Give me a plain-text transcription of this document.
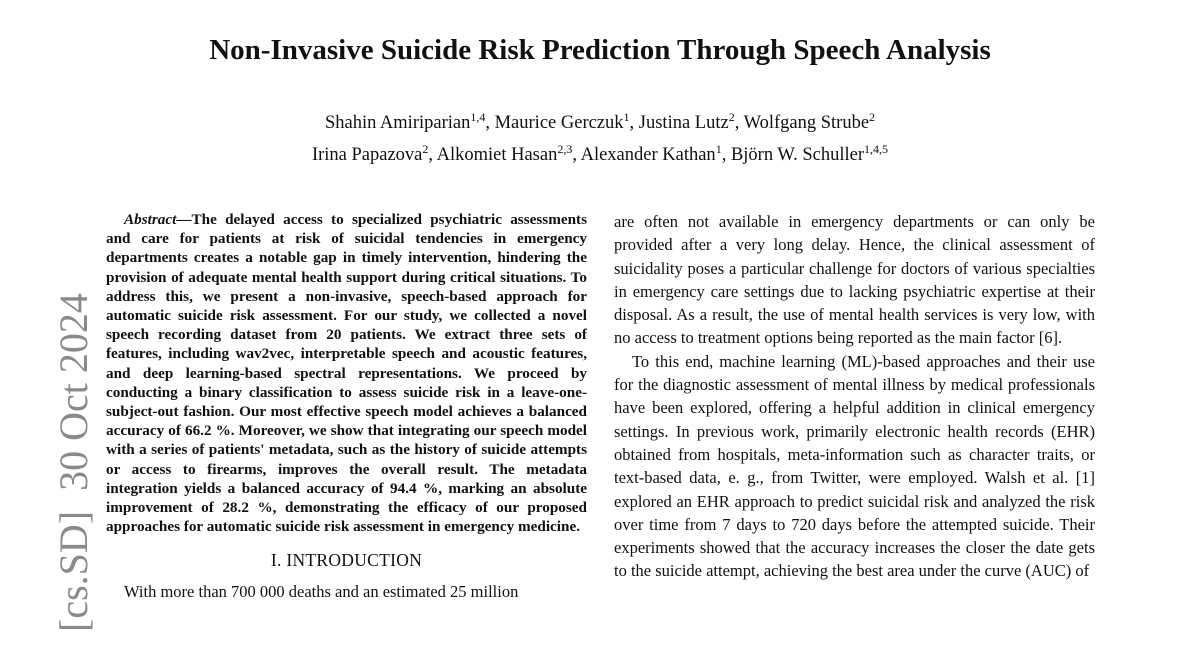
[cs.SD]30 Oct 2024
Non-Invasive Suicide Risk Prediction Through Speech Analysis
Shahin Amiriparian$^{1,4}$, Maurice Gerczuk$^1$, Justina Lutz$^2$, Wolfgang Strube$^2$
Irina Papazova$^2$, Alkomiet Hasan$^{2,3}$, Alexander Kathan$^1$, Björn W. Schuller$^{1,4,5}$

Abstract—The delayed access to specialized psychiatric assessments and care for patients at risk of suicidal tendencies in emergency departments creates a notable gap in timely intervention, hindering the provision of adequate mental health support during critical situations. To address this, we present a non-invasive, speech-based approach for automatic suicide risk assessment. For our study, we collected a novel speech recording dataset from 20 patients. We extract three sets of features, including wav2vec, interpretable speech and acoustic features, and deep learning-based spectral representations. We proceed by conducting a binary classification to assess suicide risk in a leave-one-subject-out fashion. Our most effective speech model achieves a balanced accuracy of 66.2 %. Moreover, we show that integrating our speech model with a series of patients' metadata, such as the history of suicide attempts or access to firearms, improves the overall result. The metadata integration yields a balanced accuracy of 94.4 %, marking an absolute improvement of 28.2 %, demonstrating the efficacy of our proposed approaches for automatic suicide risk assessment in emergency medicine.

I. INTRODUCTION

With more than 700 000 deaths and an estimated 25 million

are often not available in emergency departments or can only be provided after a very long delay. Hence, the clinical assessment of suicidality poses a particular challenge for doctors of various specialties in emergency care settings due to lacking psychiatric expertise at their disposal. As a result, the use of mental health services is very low, with no access to treatment options being reported as the main factor [6].

To this end, machine learning (ML)-based approaches and their use for the diagnostic assessment of mental illness by medical professionals have been explored, offering a helpful addition in clinical emergency settings. In previous work, primarily electronic health records (EHR) obtained from hospitals, meta-information such as character traits, or text-based data, e. g., from Twitter, were employed. Walsh et al. [1] explored an EHR approach to predict suicidal risk and analyzed the risk over time from 7 days to 720 days before the attempted suicide. Their experiments showed that the accuracy increases the closer the date gets to the suicide attempt, achieving the best area under the curve (AUC) of
